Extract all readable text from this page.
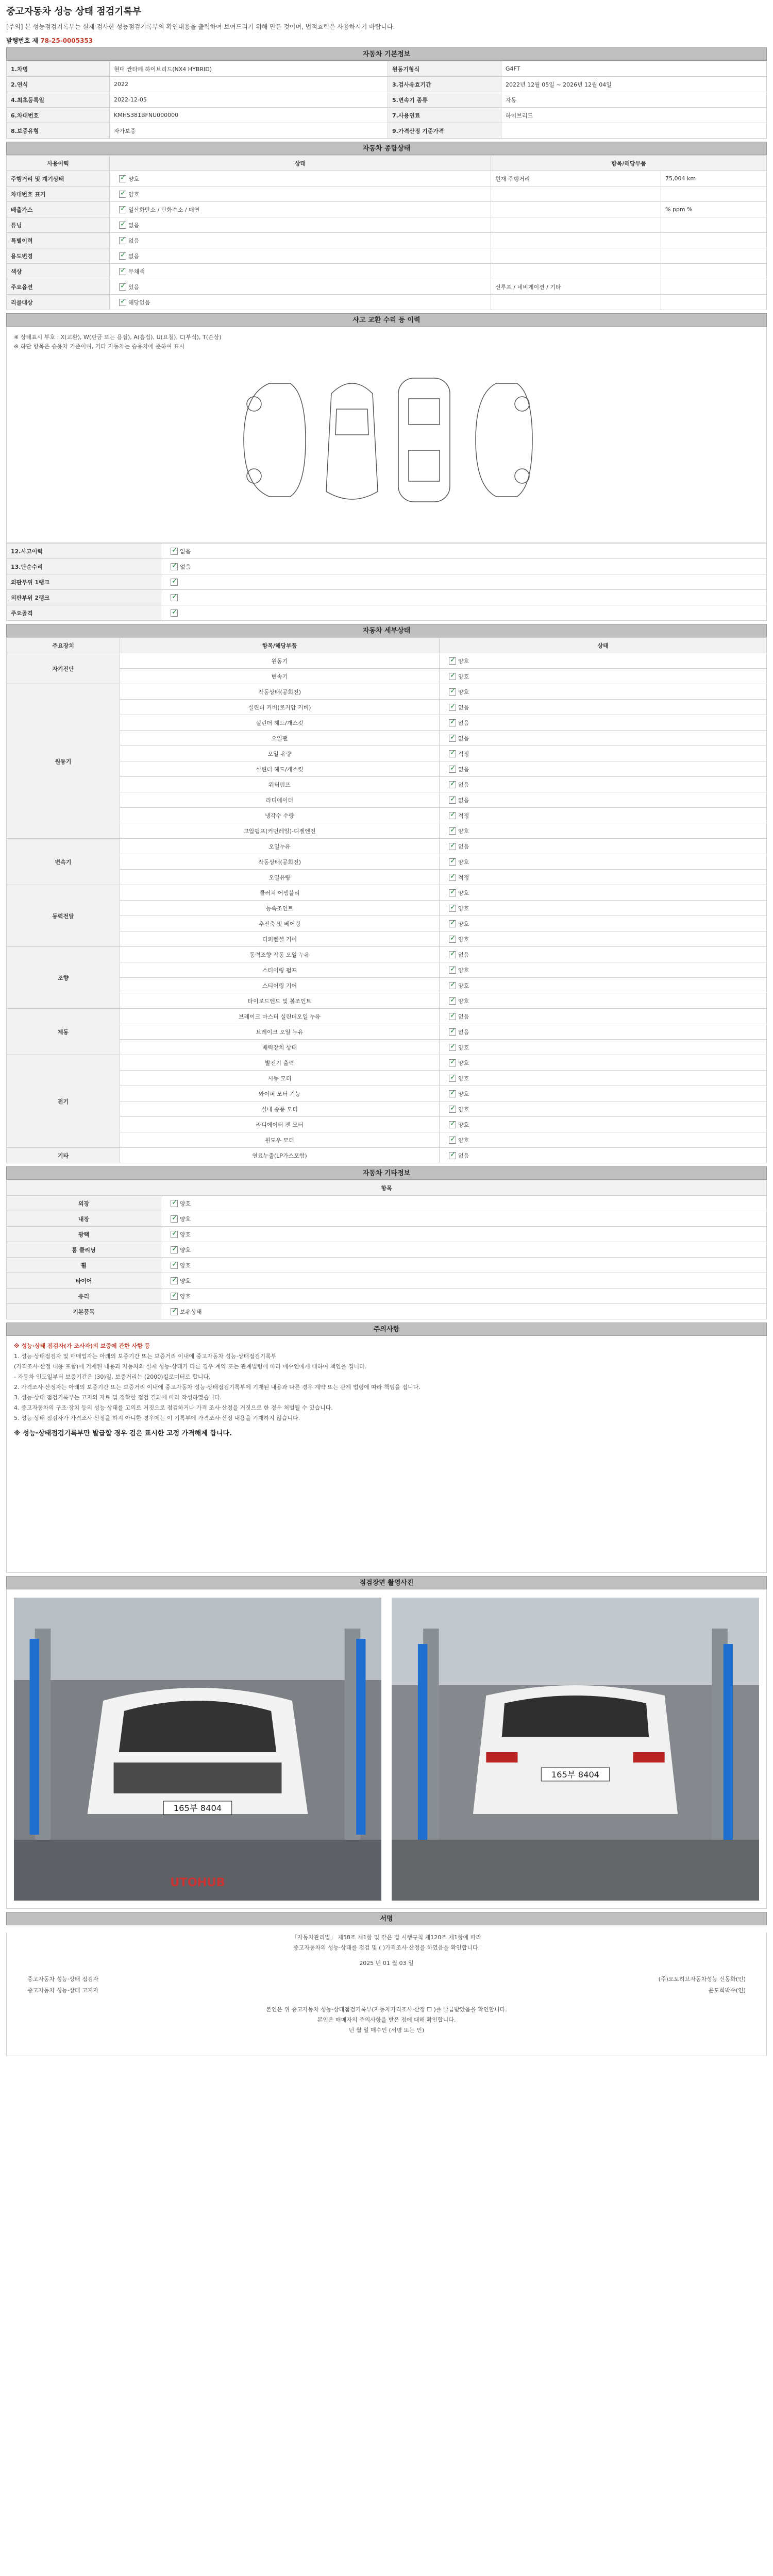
중고자동차 성능 상태 점검기록부
[주의] 본 성능점검기록부는 실제 검사한 성능점검기록부의 확인내용을 출력하여 보여드리기 위해 만든 것이며, 법적효력은 사용하시기 바랍니다.
발행번호 제 78-25-0005353
자동차 기본정보
1.차명	현대 싼타페 하이브리드(NX4 HYBRID)	원동기형식	G4FT
2.연식	2022	3.검사유효기간	2022년 12월 05일 ~ 2026년 12월 04일
4.최초등록일	2022-12-05	5.변속기 종류	자동
6.차대번호	KMHS381BFNU000000	7.사용연료	하이브리드
8.보증유형	자가보증	9.가격산정 기준가격	
자동차 종합상태
사용이력	상태	항목/해당부품	
주행거리 및 계기상태	✓양호	현재 주행거리	75,004 km
차대번호 표기	✓양호		
배출가스	✓일산화탄소 / 탄화수소 / 매연		% ppm %
튜닝	✓없음		
특별이력	✓없음		
용도변경	✓없음		
색상	✓무채색		
주요옵션	✓있음	선루프 / 네비게이션 / 기타	
리콜대상	✓해당없음		
사고 교환 수리 등 이력
※ 상태표시 부호 : X(교환), W(판금 또는 용접), A(흠집), U(요철), C(부식), T(손상)
※ 하단 항목은 승용차 기준이며, 기타 자동차는 승용차에 준하여 표시
12.사고이력	✓없음
13.단순수리	✓없음
외판부위 1랭크	✓
외판부위 2랭크	✓
주요골격	✓
자동차 세부상태
주요장치	항목/해당부품	상태
자기진단	원동기	✓양호
	변속기	✓양호
원동기	작동상태(공회전)	✓양호
	실린더 커버(로커암 커버)	✓없음
	실린더 헤드/개스킷	✓없음
	오일팬	✓없음
	오일 유량	✓적정
	실린더 헤드/개스킷	✓없음
	워터펌프	✓없음
	라디에이터	✓없음
	냉각수 수량	✓적정
	고압펌프(커먼레일)-디젤엔진	✓양호
변속기	오일누유	✓없음
	작동상태(공회전)	✓양호
	오일유량	✓적정
동력전달	클러치 어셈블리	✓양호
	등속조인트	✓양호
	추진축 및 베어링	✓양호
	디퍼렌셜 기어	✓양호
조향	동력조향 작동 오일 누유	✓없음
	스티어링 펌프	✓양호
	스티어링 기어	✓양호
	타이로드엔드 및 볼조인트	✓양호
제동	브레이크 마스터 실린더오일 누유	✓없음
	브레이크 오일 누유	✓없음
	배력장치 상태	✓양호
전기	발전기 출력	✓양호
	시동 모터	✓양호
	와이퍼 모터 기능	✓양호
	실내 송풍 모터	✓양호
	라디에이터 팬 모터	✓양호
	윈도우 모터	✓양호
기타	연료누출(LP가스포함)	✓없음
자동차 기타정보
항목	
외장	✓양호
내장	✓양호
광택	✓양호
룸 클리닝	✓양호
휠	✓양호
타이어	✓양호
유리	✓양호
기본품목	✓보유상태
주의사항
※ 성능·상태 점검자(가 조사자)의 보증에 관한 사항 등
1. 성능·상태점검자 및 매매업자는 아래의 보증기간 또는 보증거리 이내에 중고자동차 성능·상태점검기록부
(가격조사·산정 내용 포함)에 기재된 내용과 자동차의 실제 성능·상태가 다른 경우 계약 또는 관계법령에 따라 매수인에게 대하여 책임을 집니다.
- 자동차 인도일부터 보증기간은 (30)일, 보증거리는 (2000)킬로미터로 합니다.
2. 가격조사·산정자는 아래의 보증기간 또는 보증거리 이내에 중고자동차 성능·상태점검기록부에 기재된 내용과 다른 경우 계약 또는 관계 법령에 따라 책임을 집니다.
3. 성능·상태 점검기록부는 고지의 자료 및 정확한 점검 결과에 따라 작성하였습니다.
4. 중고자동차의 구조·장치 등의 성능·상태를 고의로 거짓으로 점검하거나 가격 조사·산정을 거짓으로 한 경우 처벌될 수 있습니다.
5. 성능·상태 점검자가 가격조사·산정을 하지 아니한 경우에는 이 기록부에 가격조사·산정 내용을 기재하지 않습니다.
※ 성능·상태점검기록부만 발급할 경우 검은 표시한 고정 가격해제 합니다.
점검장면 촬영사진
165부 8404
UTOHUB
165부 8404
서명

「자동차관리법」 제58조 제1항 및 같은 법 시행규칙 제120조 제1항에 따라

중고자동차의 성능·상태를 점검 및 ( )가격조사·산정을 하였음을 확인합니다.

2025 년 01 월 03 일

중고자동차 성능·상태 점검자
중고자동차 성능·상태 고지자
(주)오토허브자동차성능 신동화(인)
윤도희박수(인)

본인은 위 중고자동차 성능·상태점검기록부(자동차가격조사·산정 ☐ )를 발급받았음을 확인합니다.

본인은 매매자의 주의사항을 받은 점에 대해 확인합니다.

년 월 일 매수인 (서명 또는 인)
